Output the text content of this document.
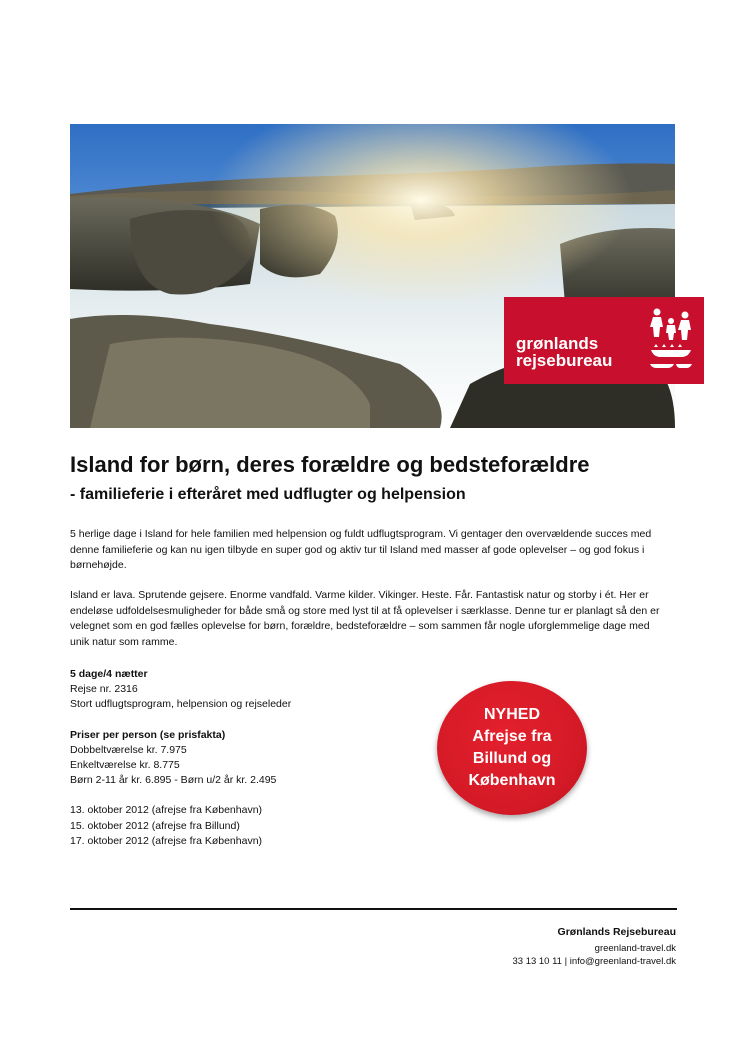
grønlands
rejsebureau
Island for børn, deres forældre og bedsteforældre

- familieferie i efteråret med udflugter og helpension

5 herlige dage i Island for hele familien med helpension og fuldt udflugtsprogram. Vi gentager den overvældende succes med denne familieferie og kan nu igen tilbyde en super god og aktiv tur til Island med masser af gode oplevelser – og god fokus i børnehøjde.

Island er lava. Sprutende gejsere. Enorme vandfald. Varme kilder. Vikinger. Heste. Får. Fantastisk natur og storby i ét. Her er endeløse udfoldelsesmuligheder for både små og store med lyst til at få oplevelser i særklasse. Denne tur er planlagt så den er velegnet som en god fælles oplevelse for børn, forældre, bedsteforældre – som sammen får nogle uforglemmelige dage med unik natur som ramme.

5 dage/4 nætter
Rejse nr. 2316
Stort udflugtsprogram, helpension og rejseleder
Priser per person (se prisfakta)
Dobbeltværelse kr. 7.975
Enkeltværelse kr. 8.775
Børn 2-11 år kr. 6.895 - Børn u/2 år kr. 2.495
13. oktober 2012 (afrejse fra København)
15. oktober 2012 (afrejse fra Billund)
17. oktober 2012 (afrejse fra København)
NYHED
Afrejse fra
Billund og
København
Grønlands Rejsebureau
greenland-travel.dk
33 13 10 11 | info@greenland-travel.dk
